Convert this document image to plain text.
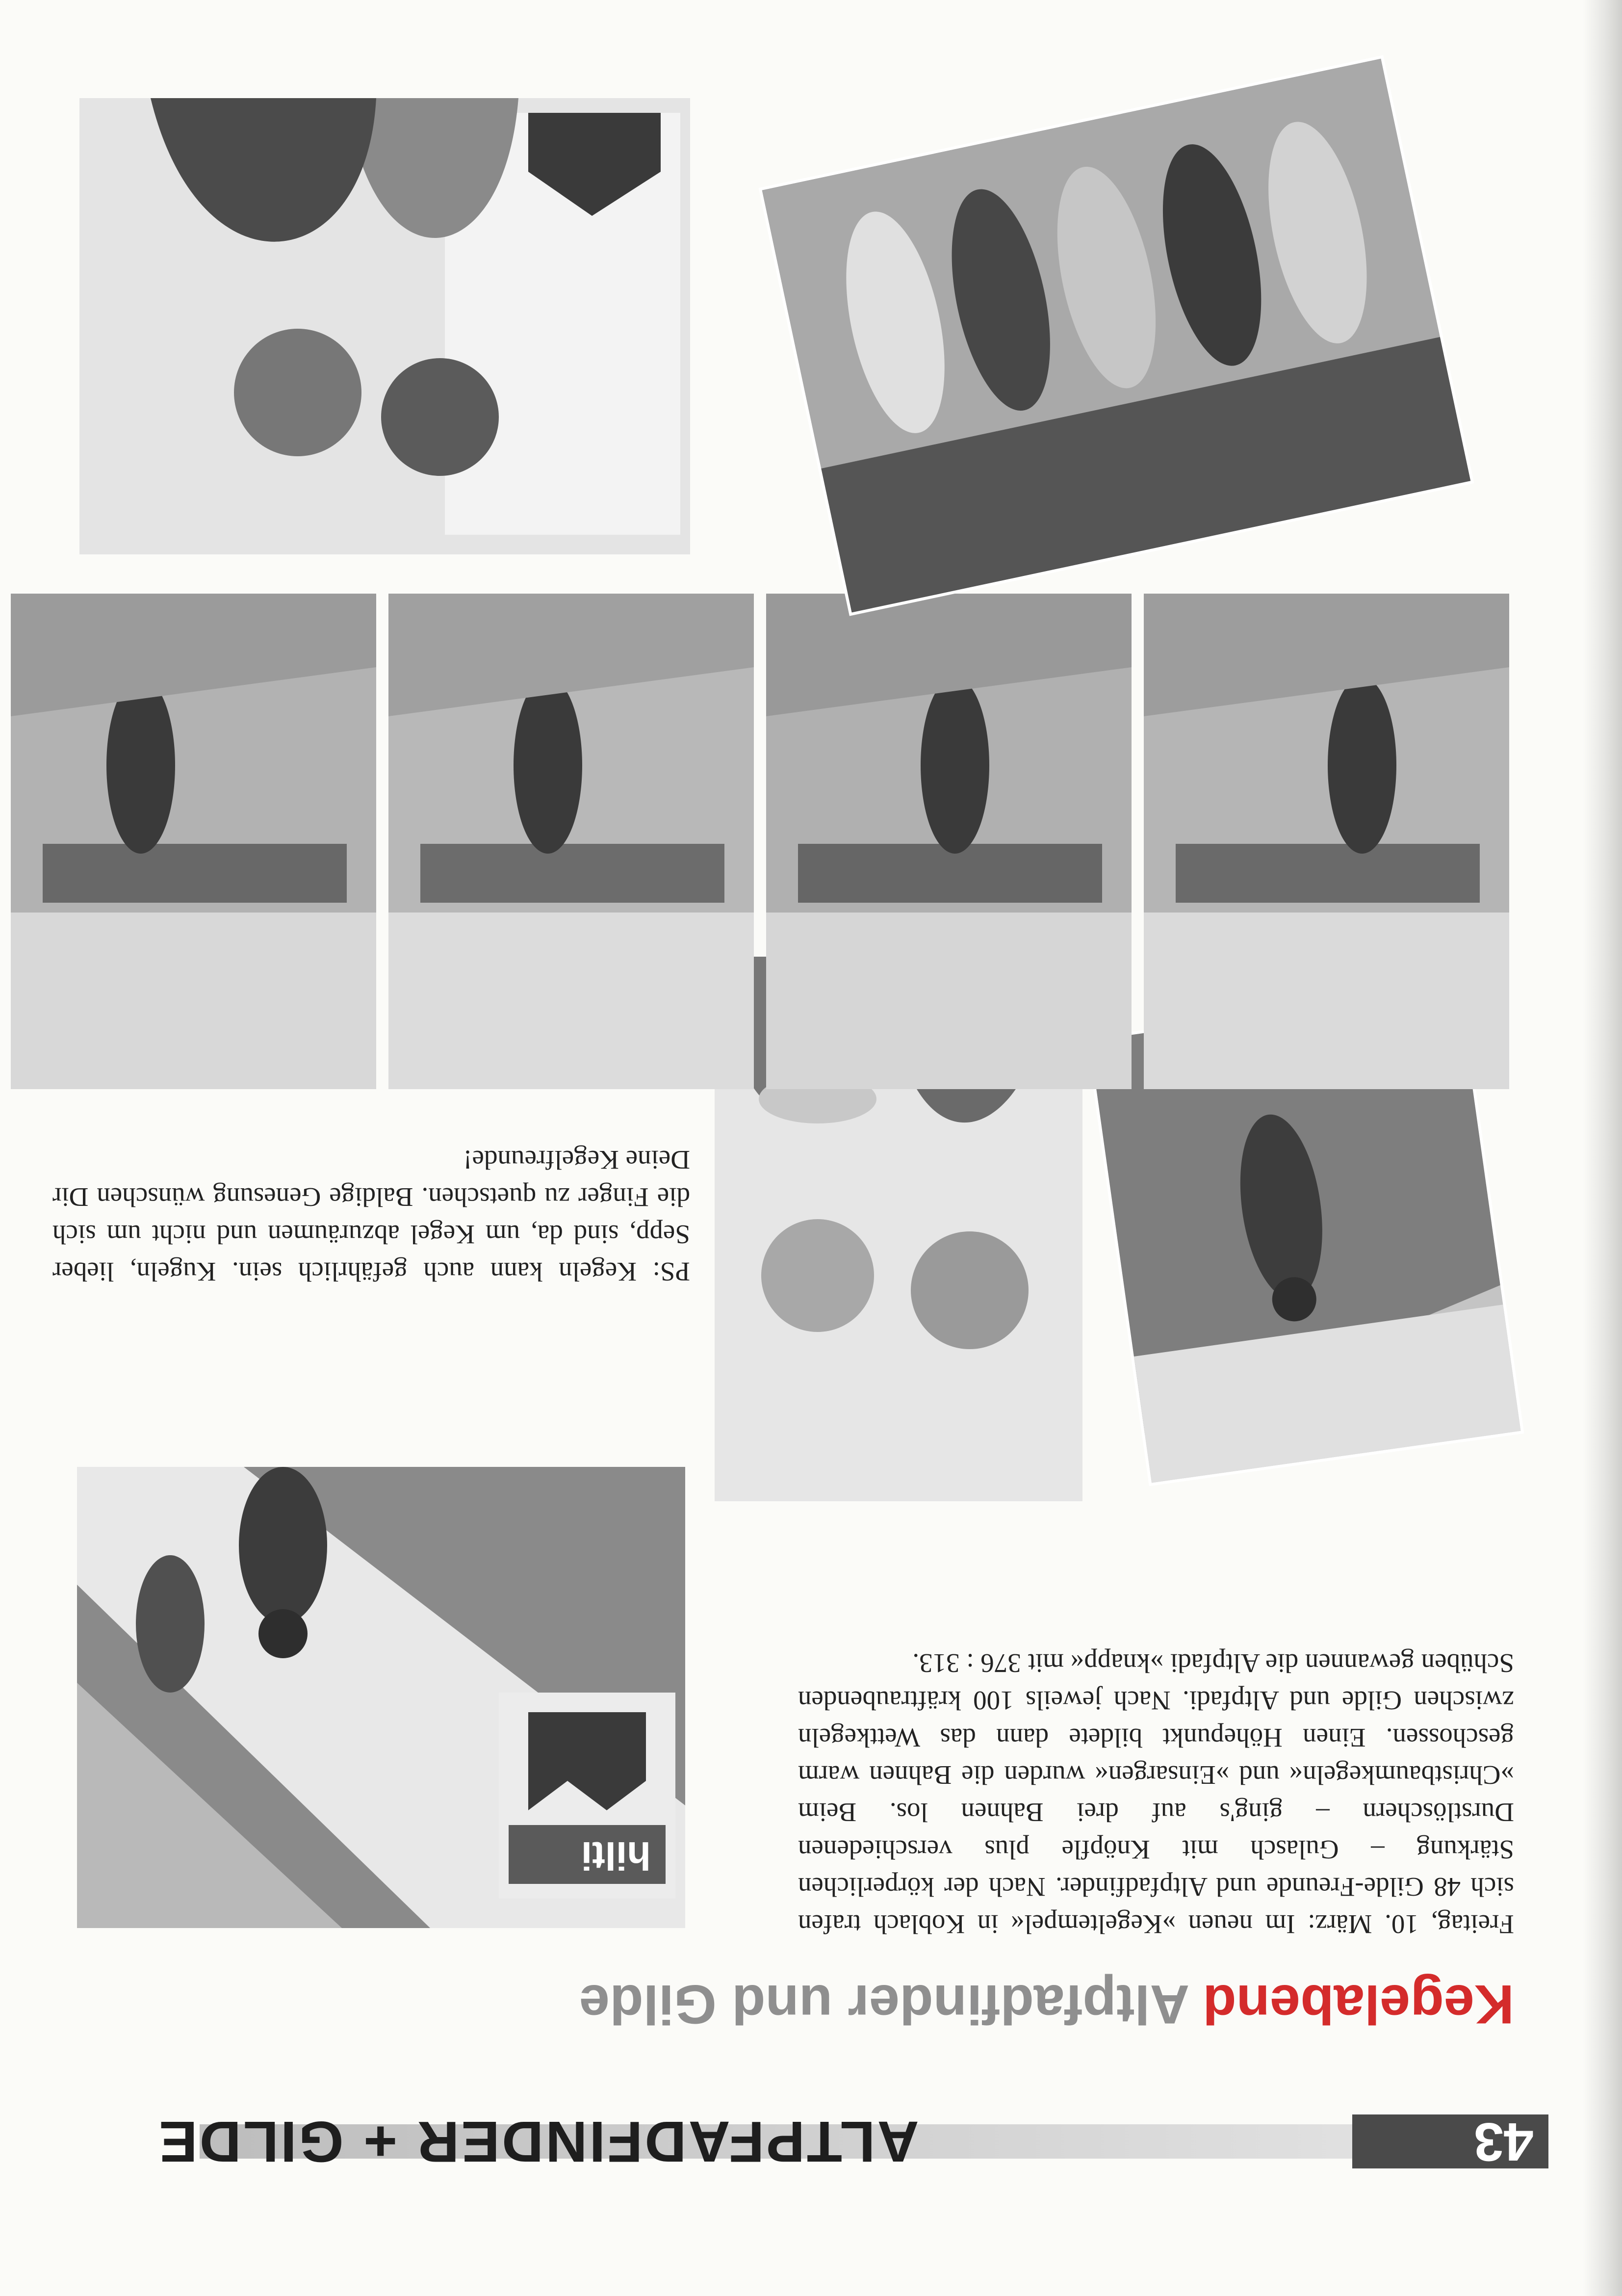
43
ALTPFADFINDER + GILDE
Kegelabend Altpfadfinder und Gilde
Freitag, 10. März: Im neuen »Kegeltempel« in Koblach trafen sich 48 Gilde-Freunde und Altpfadfinder. Nach der körperlichen Stärkung – Gulasch mit Knöpfle plus verschiedenen Durstlöschern – ging's auf drei Bahnen los. Beim »Christbaumkegeln« und »Einsargen« wurden die Bahnen warm geschossen. Einen Höhepunkt bildete dann das Wettkegeln zwischen Gilde und Altpfadi. Nach jeweils 100 kräftraubenden Schüben gewannen die Altpfadi »knapp« mit 376 : 313.
hilti
PS: Kegeln kann auch gefährlich sein. Kugeln, lieber Sepp, sind da, um Kegel abzuräumen und nicht um sich die Finger zu quetschen. Baldige Genesung wünschen Dir Deine Kegelfreunde!
